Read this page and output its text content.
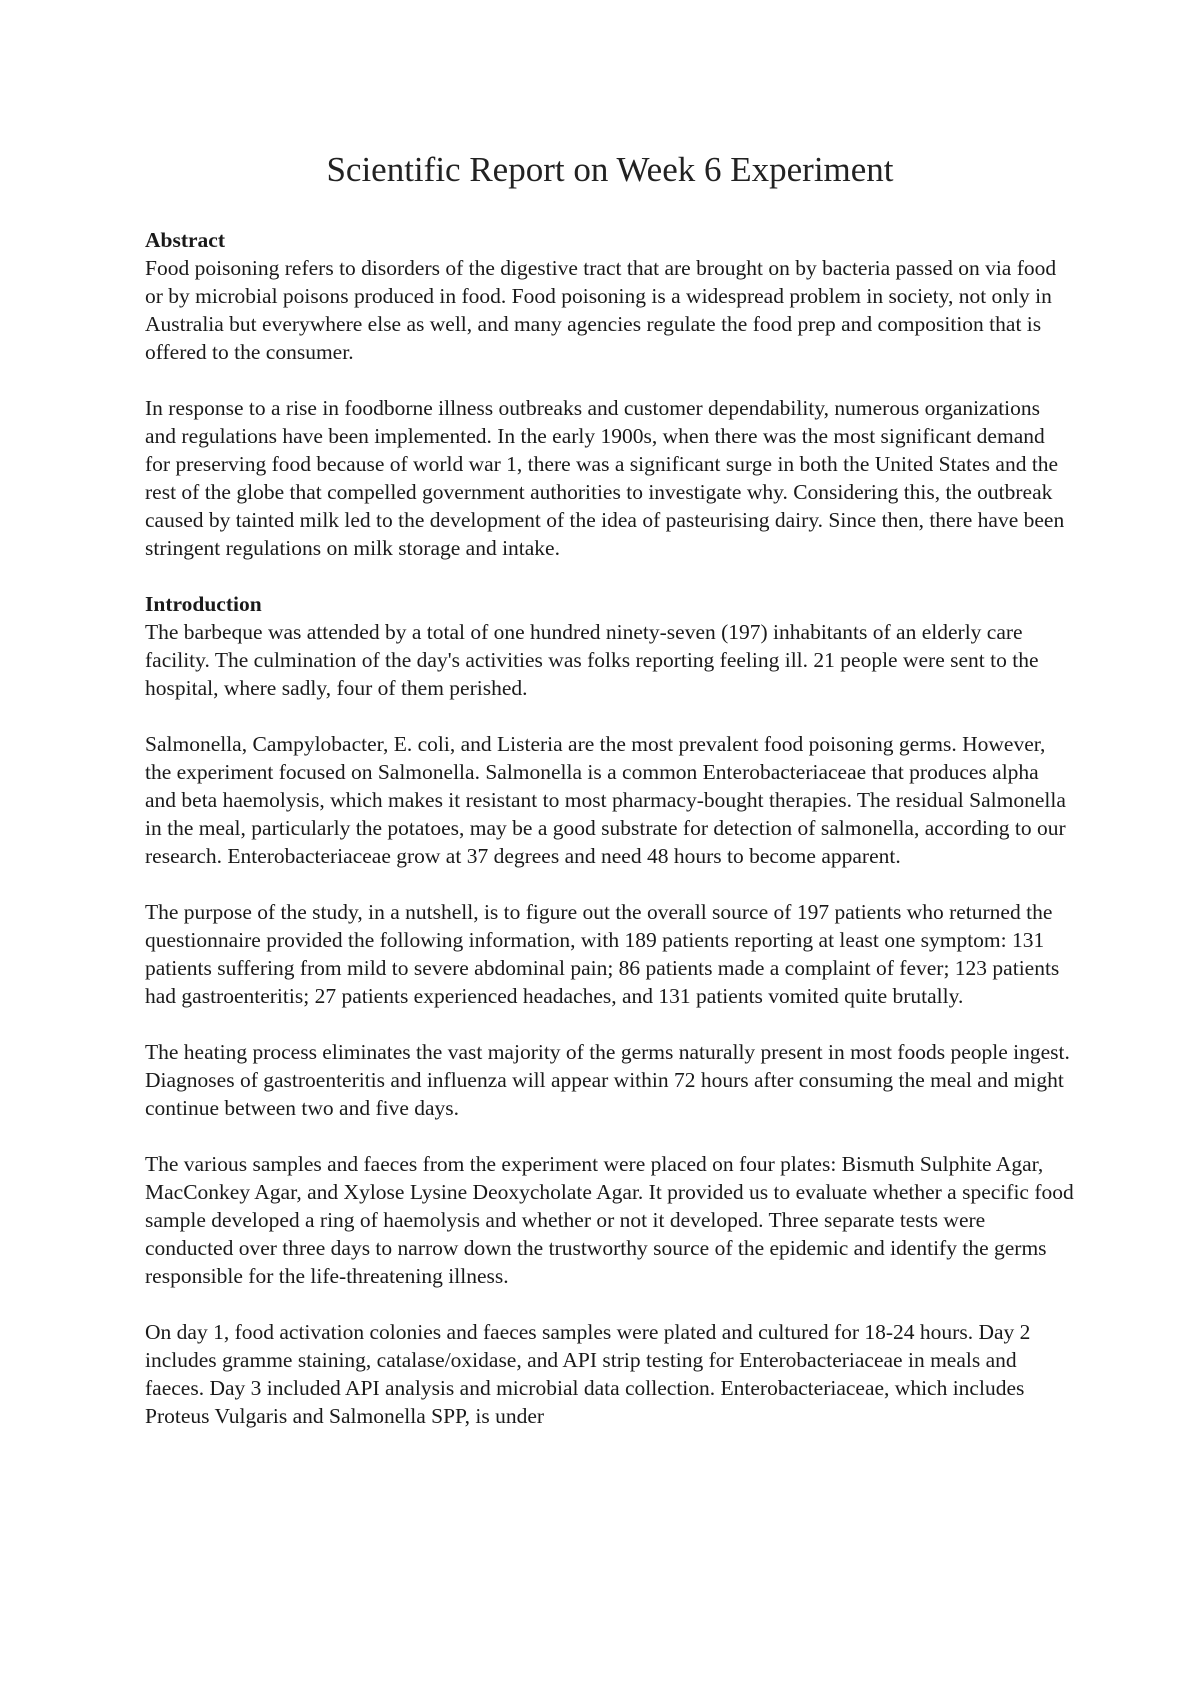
Scientific Report on Week 6 Experiment
Abstract

Food poisoning refers to disorders of the digestive tract that are brought on by bacteria passed on via food or by microbial poisons produced in food. Food poisoning is a widespread problem in society, not only in Australia but everywhere else as well, and many agencies regulate the food prep and composition that is offered to the consumer.

In response to a rise in foodborne illness outbreaks and customer dependability, numerous organizations and regulations have been implemented. In the early 1900s, when there was the most significant demand for preserving food because of world war 1, there was a significant surge in both the United States and the rest of the globe that compelled government authorities to investigate why. Considering this, the outbreak caused by tainted milk led to the development of the idea of pasteurising dairy. Since then, there have been stringent regulations on milk storage and intake.

Introduction

The barbeque was attended by a total of one hundred ninety-seven (197) inhabitants of an elderly care facility. The culmination of the day's activities was folks reporting feeling ill. 21 people were sent to the hospital, where sadly, four of them perished.

Salmonella, Campylobacter, E. coli, and Listeria are the most prevalent food poisoning germs. However, the experiment focused on Salmonella. Salmonella is a common Enterobacteriaceae that produces alpha and beta haemolysis, which makes it resistant to most pharmacy-bought therapies. The residual Salmonella in the meal, particularly the potatoes, may be a good substrate for detection of salmonella, according to our research. Enterobacteriaceae grow at 37 degrees and need 48 hours to become apparent.

The purpose of the study, in a nutshell, is to figure out the overall source of 197 patients who returned the questionnaire provided the following information, with 189 patients reporting at least one symptom: 131 patients suffering from mild to severe abdominal pain; 86 patients made a complaint of fever; 123 patients had gastroenteritis; 27 patients experienced headaches, and 131 patients vomited quite brutally.

The heating process eliminates the vast majority of the germs naturally present in most foods people ingest. Diagnoses of gastroenteritis and influenza will appear within 72 hours after consuming the meal and might continue between two and five days.

The various samples and faeces from the experiment were placed on four plates: Bismuth Sulphite Agar, MacConkey Agar, and Xylose Lysine Deoxycholate Agar. It provided us to evaluate whether a specific food sample developed a ring of haemolysis and whether or not it developed. Three separate tests were conducted over three days to narrow down the trustworthy source of the epidemic and identify the germs responsible for the life-threatening illness.

On day 1, food activation colonies and faeces samples were plated and cultured for 18-24 hours. Day 2 includes gramme staining, catalase/oxidase, and API strip testing for Enterobacteriaceae in meals and faeces. Day 3 included API analysis and microbial data collection. Enterobacteriaceae, which includes Proteus Vulgaris and Salmonella SPP, is under
